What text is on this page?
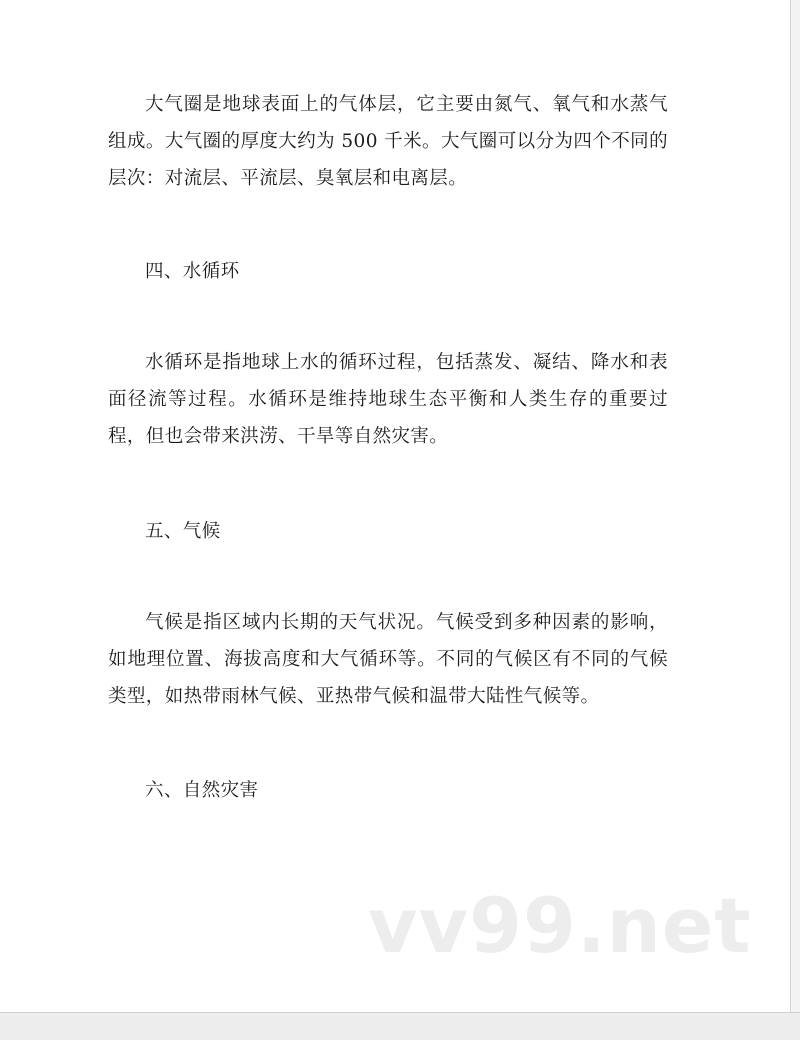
大气圈是地球表面上的气体层，它主要由氮气、氧气和水蒸气组成。大气圈的厚度大约为 500 千米。大气圈可以分为四个不同的层次：对流层、平流层、臭氧层和电离层。

四、水循环

水循环是指地球上水的循环过程，包括蒸发、凝结、降水和表面径流等过程。水循环是维持地球生态平衡和人类生存的重要过程，但也会带来洪涝、干旱等自然灾害。

五、气候

气候是指区域内长期的天气状况。气候受到多种因素的影响，如地理位置、海拔高度和大气循环等。不同的气候区有不同的气候类型，如热带雨林气候、亚热带气候和温带大陆性气候等。

六、自然灾害

vv99.net
